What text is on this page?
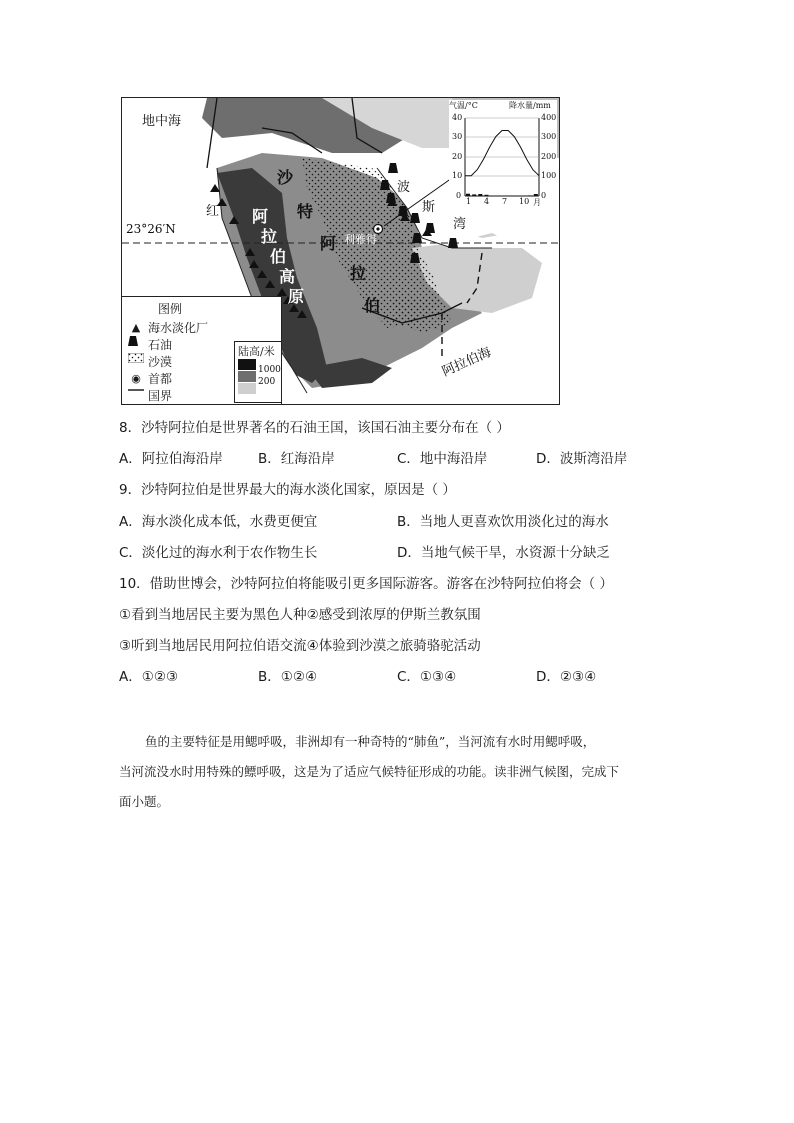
地中海
红
波
斯
湾
23°26′N
沙
特
阿
拉
伯
阿
拉
伯
高
原
利雅得
阿拉伯海
气温/°C	降水量/mm
40
30
20
10
0
400
300
200
100
0
1 4 7 10 月
图例
▲ 海水淡化厂
石油
沙漠
◉ 首都
国界
陆高/米
1000
200
8．沙特阿拉伯是世界著名的石油王国，该国石油主要分布在（ ）
A．阿拉伯海沿岸	B．红海沿岸	C．地中海沿岸	D．波斯湾沿岸
9．沙特阿拉伯是世界最大的海水淡化国家，原因是（ ）
A．海水淡化成本低，水费更便宜	B．当地人更喜欢饮用淡化过的海水
C．淡化过的海水利于农作物生长	D．当地气候干旱，水资源十分缺乏
10．借助世博会，沙特阿拉伯将能吸引更多国际游客。游客在沙特阿拉伯将会（ ）
①看到当地居民主要为黑色人种②感受到浓厚的伊斯兰教氛围
③听到当地居民用阿拉伯语交流④体验到沙漠之旅骑骆驼活动
A．①②③	B．①②④	C．①③④	D．②③④
鱼的主要特征是用鳃呼吸，非洲却有一种奇特的“肺鱼”，当河流有水时用鳃呼吸，
当河流没水时用特殊的鳔呼吸，这是为了适应气候特征形成的功能。读非洲气候图，完成下
面小题。
